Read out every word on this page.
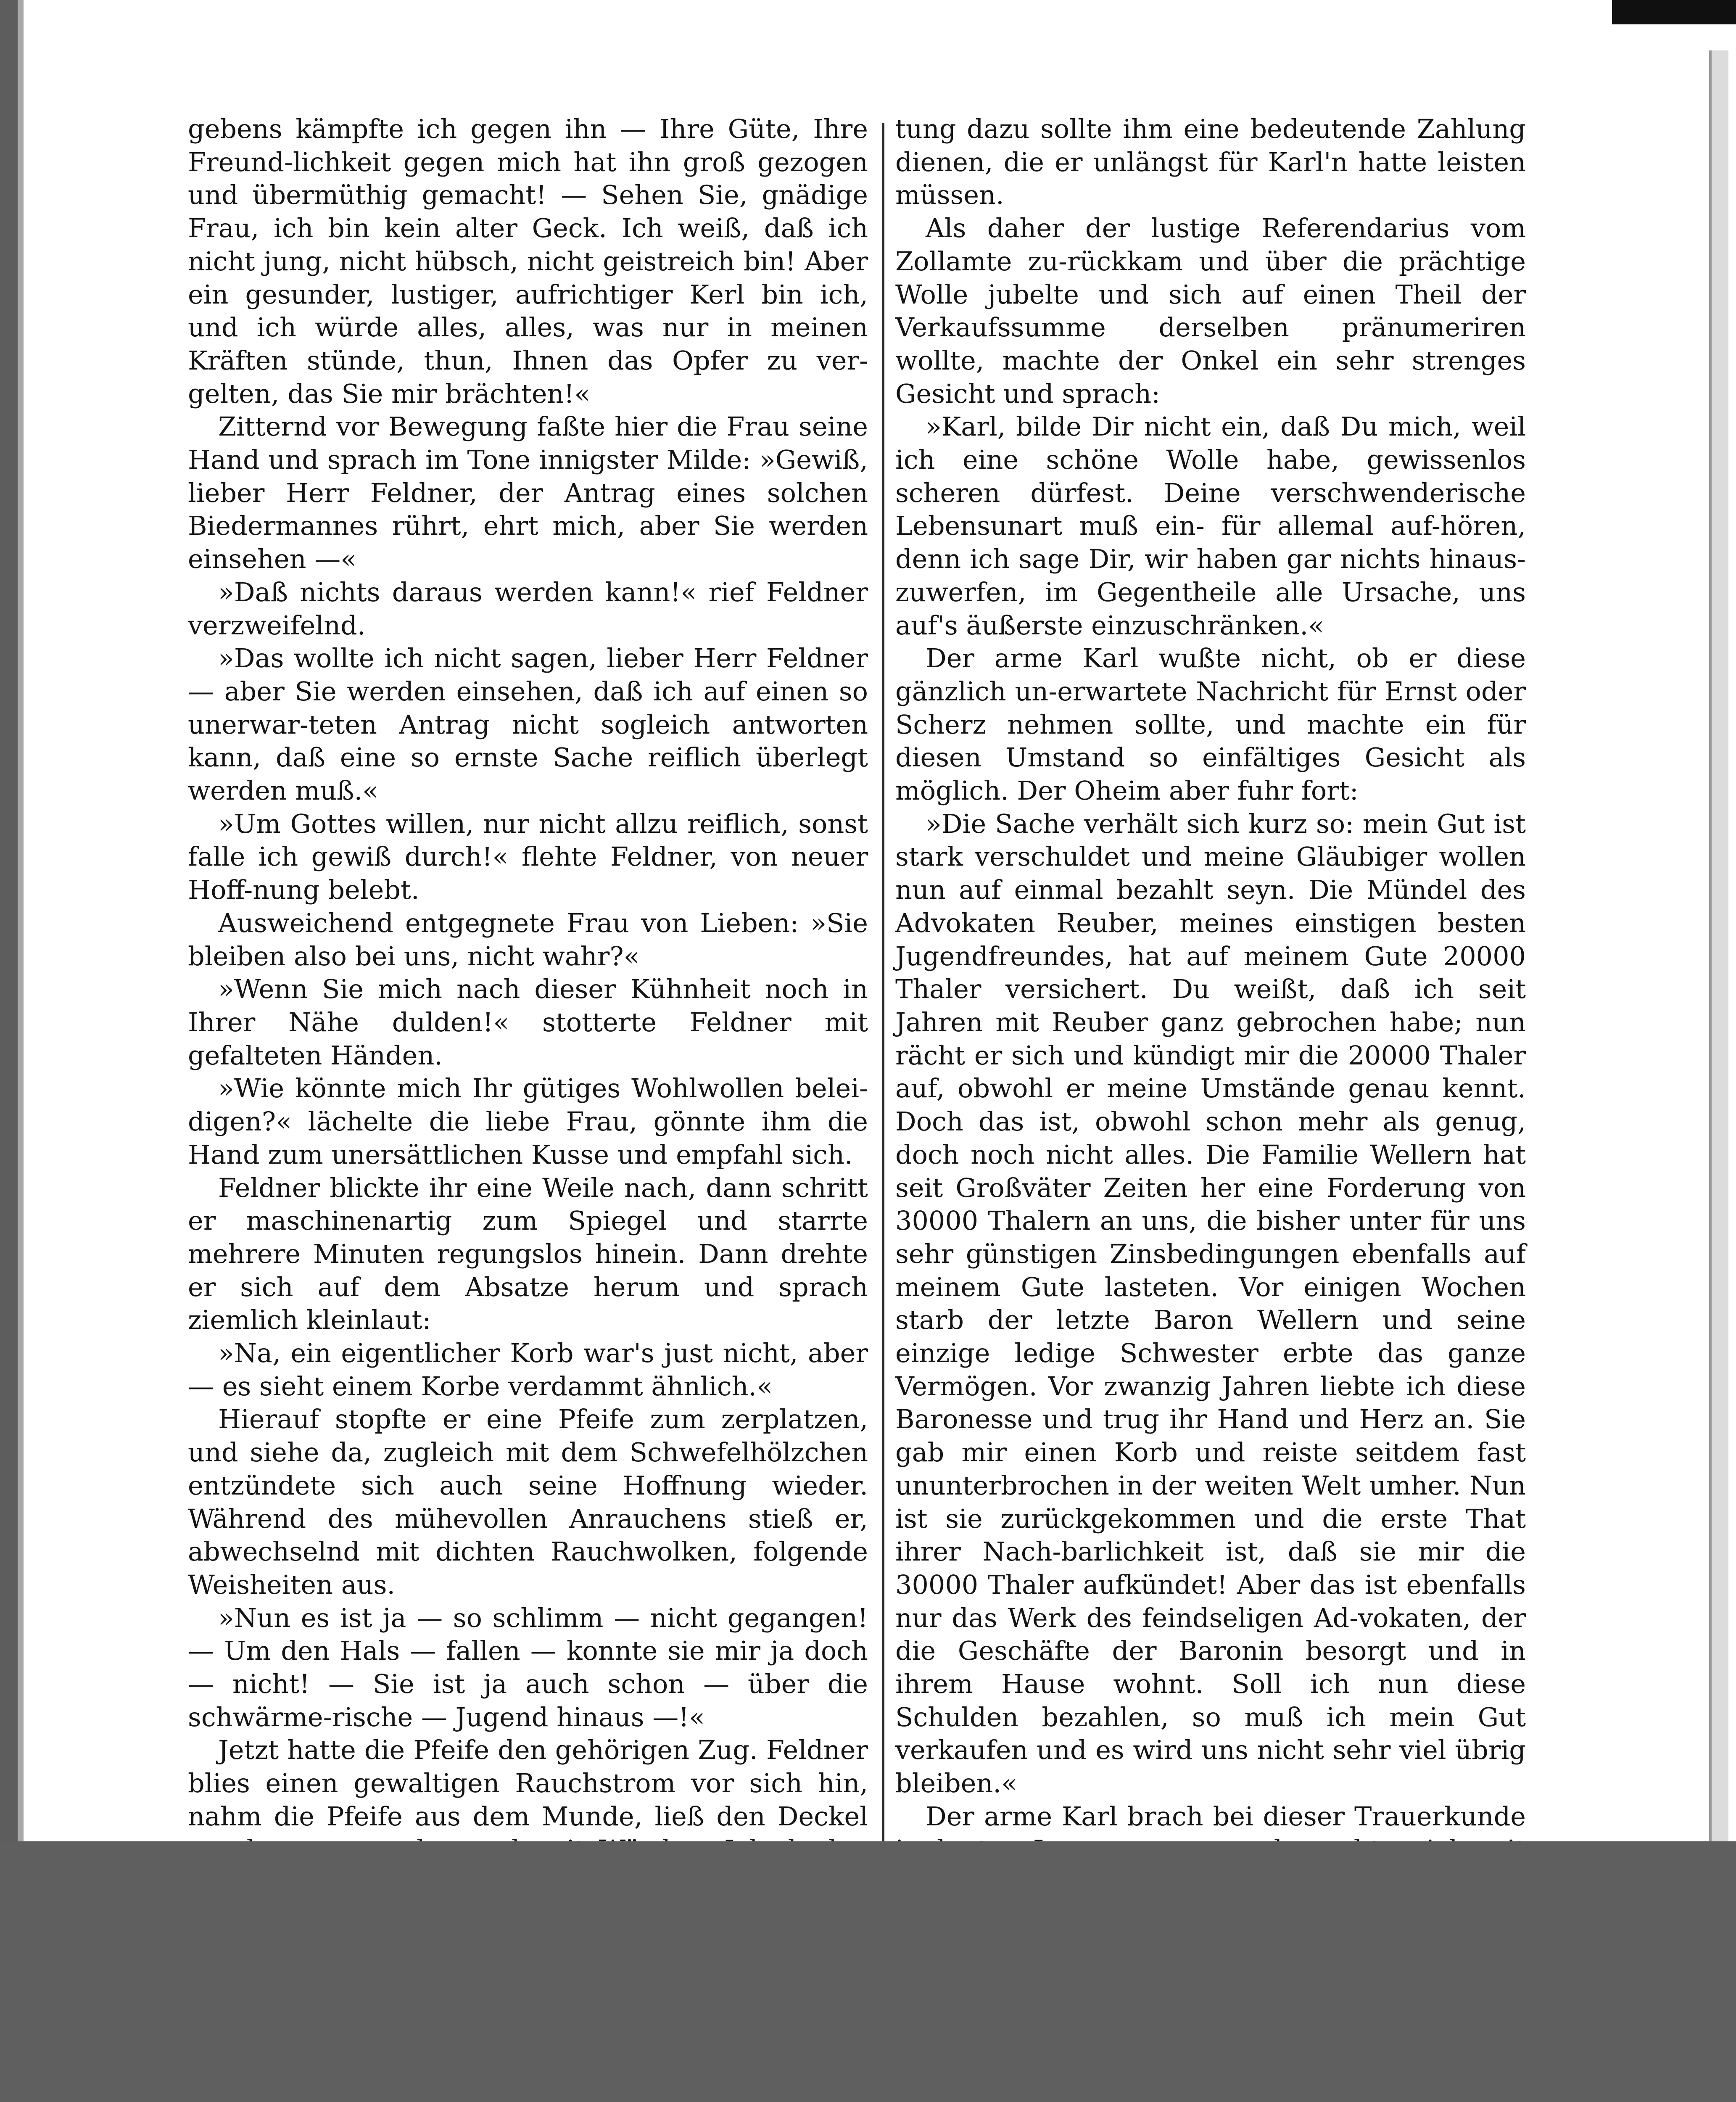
gebens kämpfte ich gegen ihn — Ihre Güte, Ihre Freund-lichkeit gegen mich hat ihn groß gezogen und übermüthig gemacht! — Sehen Sie, gnädige Frau, ich bin kein alter Geck. Ich weiß, daß ich nicht jung, nicht hübsch, nicht geistreich bin! Aber ein gesunder, lustiger, aufrichtiger Kerl bin ich, und ich würde alles, alles, was nur in meinen Kräften stünde, thun, Ihnen das Opfer zu ver-gelten, das Sie mir brächten!«

Zitternd vor Bewegung faßte hier die Frau seine Hand und sprach im Tone innigster Milde: »Gewiß, lieber Herr Feldner, der Antrag eines solchen Biedermannes rührt, ehrt mich, aber Sie werden einsehen —«

»Daß nichts daraus werden kann!« rief Feldner verzweifelnd.

»Das wollte ich nicht sagen, lieber Herr Feldner — aber Sie werden einsehen, daß ich auf einen so unerwar-teten Antrag nicht sogleich antworten kann, daß eine so ernste Sache reiflich überlegt werden muß.«

»Um Gottes willen, nur nicht allzu reiflich, sonst falle ich gewiß durch!« flehte Feldner, von neuer Hoff-nung belebt.

Ausweichend entgegnete Frau von Lieben: »Sie bleiben also bei uns, nicht wahr?«

»Wenn Sie mich nach dieser Kühnheit noch in Ihrer Nähe dulden!« stotterte Feldner mit gefalteten Händen.

»Wie könnte mich Ihr gütiges Wohlwollen belei-digen?« lächelte die liebe Frau, gönnte ihm die Hand zum unersättlichen Kusse und empfahl sich.

Feldner blickte ihr eine Weile nach, dann schritt er maschinenartig zum Spiegel und starrte mehrere Minuten regungslos hinein. Dann drehte er sich auf dem Absatze herum und sprach ziemlich kleinlaut:

»Na, ein eigentlicher Korb war's just nicht, aber — es sieht einem Korbe verdammt ähnlich.«

Hierauf stopfte er eine Pfeife zum zerplatzen, und siehe da, zugleich mit dem Schwefelhölzchen entzündete sich auch seine Hoffnung wieder. Während des mühevollen Anrauchens stieß er, abwechselnd mit dichten Rauchwolken, folgende Weisheiten aus.

»Nun es ist ja — so schlimm — nicht gegangen! — Um den Hals — fallen — konnte sie mir ja doch — nicht! — Sie ist ja auch schon — über die schwärme-rische — Jugend hinaus —!«

Jetzt hatte die Pfeife den gehörigen Zug. Feldner blies einen gewaltigen Rauchstrom vor sich hin, nahm die Pfeife aus dem Munde, ließ den Deckel

tung dazu sollte ihm eine bedeutende Zahlung dienen, die er unlängst für Karl'n hatte leisten müssen.

Als daher der lustige Referendarius vom Zollamte zu-rückkam und über die prächtige Wolle jubelte und sich auf einen Theil der Verkaufssumme derselben pränumeriren wollte, machte der Onkel ein sehr strenges Gesicht und sprach:

»Karl, bilde Dir nicht ein, daß Du mich, weil ich eine schöne Wolle habe, gewissenlos scheren dürfest. Deine verschwenderische Lebensunart muß ein- für allemal auf-hören, denn ich sage Dir, wir haben gar nichts hinaus-zuwerfen, im Gegentheile alle Ursache, uns auf's äußerste einzuschränken.«

Der arme Karl wußte nicht, ob er diese gänzlich un-erwartete Nachricht für Ernst oder Scherz nehmen sollte, und machte ein für diesen Umstand so einfältiges Gesicht als möglich. Der Oheim aber fuhr fort:

»Die Sache verhält sich kurz so: mein Gut ist stark verschuldet und meine Gläubiger wollen nun auf einmal bezahlt seyn. Die Mündel des Advokaten Reuber, meines einstigen besten Jugendfreundes, hat auf meinem Gute 20000 Thaler versichert. Du weißt, daß ich seit Jahren mit Reuber ganz gebrochen habe; nun rächt er sich und kündigt mir die 20000 Thaler auf, obwohl er meine Umstände genau kennt. Doch das ist, obwohl schon mehr als genug, doch noch nicht alles. Die Familie Wellern hat seit Großväter Zeiten her eine Forderung von 30000 Thalern an uns, die bisher unter für uns sehr günstigen Zinsbedingungen ebenfalls auf meinem Gute lasteten. Vor einigen Wochen starb der letzte Baron Wellern und seine einzige ledige Schwester erbte das ganze Vermögen. Vor zwanzig Jahren liebte ich diese Baronesse und trug ihr Hand und Herz an. Sie gab mir einen Korb und reiste seitdem fast ununterbrochen in der weiten Welt umher. Nun ist sie zurückgekommen und die erste That ihrer Nach-barlichkeit ist, daß sie mir die 30000 Thaler aufkündet! Aber das ist ebenfalls nur das Werk des feindseligen Ad-vokaten, der die Geschäfte der Baronin besorgt und in ihrem Hause wohnt. Soll ich nun diese Schulden bezahlen, so muß ich mein Gut verkaufen und es wird uns nicht sehr viel übrig bleiben.«

Der arme Karl brach bei dieser Trauerkunde
